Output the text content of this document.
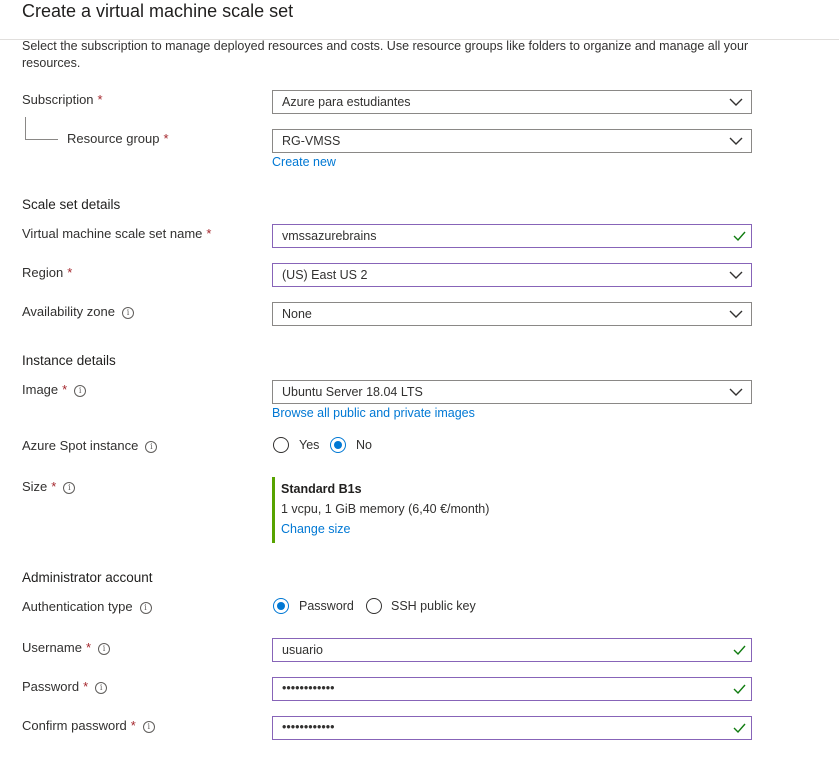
Create a virtual machine scale set
Select the subscription to manage deployed resources and costs. Use resource groups like folders to organize and manage all your resources.
Subscription *	Azure para estudiantes
Resource group *	RG-VMSS
Create new
Scale set details
Virtual machine scale set name *	vmssazurebrains
Region *	(US) East US 2
Availability zone i	None
Instance details
Image * i	Ubuntu Server 18.04 LTS
Browse all public and private images
Azure Spot instance i	Yes	No
Size * i	Standard B1s
1 vcpu, 1 GiB memory (6,40 €/month)
Change size
Administrator account
Authentication type i	Password	SSH public key
Username * i	usuario
Password * i	••••••••••••
Confirm password * i	••••••••••••
